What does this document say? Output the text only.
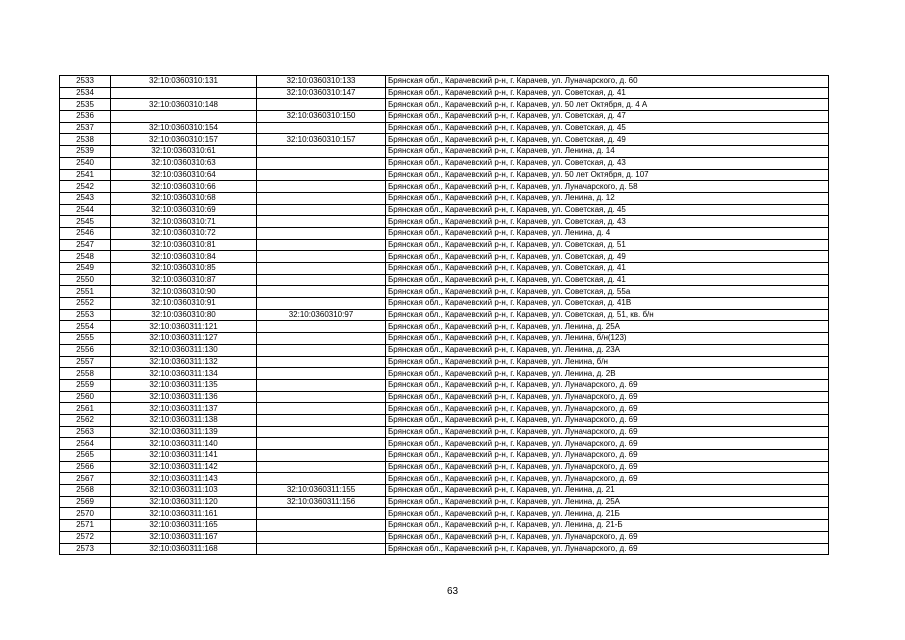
2533	32:10:0360310:131	32:10:0360310:133	Брянская обл., Карачевский р-н, г. Карачев, ул. Луначарского, д. 60
2534		32:10:0360310:147	Брянская обл., Карачевский р-н, г. Карачев, ул. Советская, д. 41
2535	32:10:0360310:148		Брянская обл., Карачевский р-н, г. Карачев, ул. 50 лет Октября, д. 4 А
2536		32:10:0360310:150	Брянская обл., Карачевский р-н, г. Карачев, ул. Советская, д. 47
2537	32:10:0360310:154		Брянская обл., Карачевский р-н, г. Карачев, ул. Советская, д. 45
2538	32:10:0360310:157	32:10:0360310:157	Брянская обл., Карачевский р-н, г. Карачев, ул. Советская, д. 49
2539	32:10:0360310:61		Брянская обл., Карачевский р-н, г. Карачев, ул. Ленина, д. 14
2540	32:10:0360310:63		Брянская обл., Карачевский р-н, г. Карачев, ул. Советская, д. 43
2541	32:10:0360310:64		Брянская обл., Карачевский р-н, г. Карачев, ул. 50 лет Октября, д. 107
2542	32:10:0360310:66		Брянская обл., Карачевский р-н, г. Карачев, ул. Луначарского, д. 58
2543	32:10:0360310:68		Брянская обл., Карачевский р-н, г. Карачев, ул. Ленина, д. 12
2544	32:10:0360310:69		Брянская обл., Карачевский р-н, г. Карачев, ул. Советская, д. 45
2545	32:10:0360310:71		Брянская обл., Карачевский р-н, г. Карачев, ул. Советская, д. 43
2546	32:10:0360310:72		Брянская обл., Карачевский р-н, г. Карачев, ул. Ленина, д. 4
2547	32:10:0360310:81		Брянская обл., Карачевский р-н, г. Карачев, ул. Советская, д. 51
2548	32:10:0360310:84		Брянская обл., Карачевский р-н, г. Карачев, ул. Советская, д. 49
2549	32:10:0360310:85		Брянская обл., Карачевский р-н, г. Карачев, ул. Советская, д. 41
2550	32:10:0360310:87		Брянская обл., Карачевский р-н, г. Карачев, ул. Советская, д. 41
2551	32:10:0360310:90		Брянская обл., Карачевский р-н, г. Карачев, ул. Советская, д. 55а
2552	32:10:0360310:91		Брянская обл., Карачевский р-н, г. Карачев, ул. Советская, д. 41В
2553	32:10:0360310:80	32:10:0360310:97	Брянская обл., Карачевский р-н, г. Карачев, ул. Советская, д. 51, кв. б/н
2554	32:10:0360311:121		Брянская обл., Карачевский р-н, г. Карачев, ул. Ленина, д. 25А
2555	32:10:0360311:127		Брянская обл., Карачевский р-н, г. Карачев, ул. Ленина, б/н(123)
2556	32:10:0360311:130		Брянская обл., Карачевский р-н, г. Карачев, ул. Ленина, д. 23А
2557	32:10:0360311:132		Брянская обл., Карачевский р-н, г. Карачев, ул. Ленина, б/н
2558	32:10:0360311:134		Брянская обл., Карачевский р-н, г. Карачев, ул. Ленина, д. 2В
2559	32:10:0360311:135		Брянская обл., Карачевский р-н, г. Карачев, ул. Луначарского, д. 69
2560	32:10:0360311:136		Брянская обл., Карачевский р-н, г. Карачев, ул. Луначарского, д. 69
2561	32:10:0360311:137		Брянская обл., Карачевский р-н, г. Карачев, ул. Луначарского, д. 69
2562	32:10:0360311:138		Брянская обл., Карачевский р-н, г. Карачев, ул. Луначарского, д. 69
2563	32:10:0360311:139		Брянская обл., Карачевский р-н, г. Карачев, ул. Луначарского, д. 69
2564	32:10:0360311:140		Брянская обл., Карачевский р-н, г. Карачев, ул. Луначарского, д. 69
2565	32:10:0360311:141		Брянская обл., Карачевский р-н, г. Карачев, ул. Луначарского, д. 69
2566	32:10:0360311:142		Брянская обл., Карачевский р-н, г. Карачев, ул. Луначарского, д. 69
2567	32:10:0360311:143		Брянская обл., Карачевский р-н, г. Карачев, ул. Луначарского, д. 69
2568	32:10:0360311:103	32:10:0360311:155	Брянская обл., Карачевский р-н, г. Карачев, ул. Ленина, д. 21
2569	32:10:0360311:120	32:10:0360311:156	Брянская обл., Карачевский р-н, г. Карачев, ул. Ленина, д. 25А
2570	32:10:0360311:161		Брянская обл., Карачевский р-н, г. Карачев, ул. Ленина, д. 21Б
2571	32:10:0360311:165		Брянская обл., Карачевский р-н, г. Карачев, ул. Ленина, д. 21-Б
2572	32:10:0360311:167		Брянская обл., Карачевский р-н, г. Карачев, ул. Луначарского, д. 69
2573	32:10:0360311:168		Брянская обл., Карачевский р-н, г. Карачев, ул. Луначарского, д. 69
63
